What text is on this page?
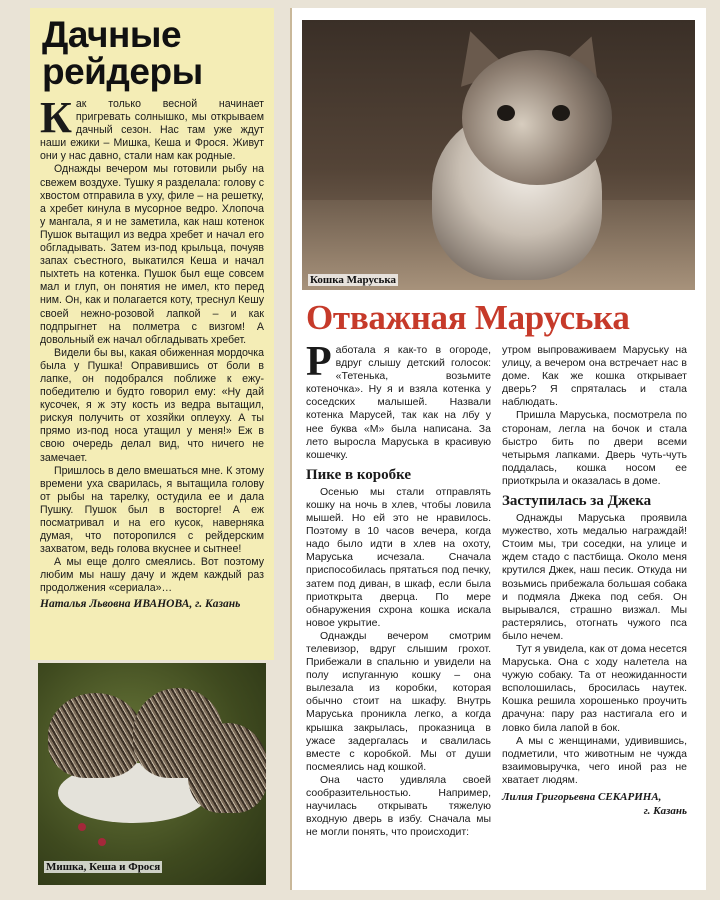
Дачные
рейдеры

Как только весной начинает пригревать солнышко, мы открываем дачный сезон. Нас там уже ждут наши ежики – Мишка, Кеша и Фрося. Живут они у нас давно, стали нам как родные.

Однажды вечером мы готовили рыбу на свежем воздухе. Тушку я разделала: голову с хвостом отправила в уху, филе – на решетку, а хребет кинула в мусорное ведро. Хлопоча у мангала, я и не заметила, как наш котенок Пушок вытащил из ведра хребет и начал его обгладывать. Затем из-под крыльца, почуяв запах съестного, выкатился Кеша и начал пыхтеть на котенка. Пушок был еще совсем мал и глуп, он понятия не имел, кто перед ним. Он, как и полагается коту, треснул Кешу своей нежно-розовой лапкой – и как подпрыгнет на полметра с визгом! А довольный еж начал обгладывать хребет.

Видели бы вы, какая обиженная мордочка была у Пушка! Оправившись от боли в лапке, он подобрался поближе к ежу-победителю и будто говорил ему: «Ну дай кусочек, я ж эту кость из ведра вытащил, рискуя получить от хозяйки оплеуху. А ты прямо из-под носа утащил у меня!» Еж в свою очередь делал вид, что ничего не замечает.

Пришлось в дело вмешаться мне. К этому времени уха сварилась, я вытащила голову от рыбы на тарелку, остудила ее и дала Пушку. Пушок был в восторге! А еж посматривал и на его кусок, наверняка думая, что поторопился с рейдерским захватом, ведь голова вкуснее и сытнее!

А мы еще долго смеялись. Вот поэтому любим мы нашу дачу и ждем каждый раз продолжения «сериала»…

Наталья Львовна ИВАНОВА, г. Казань
Мишка, Кеша и Фрося
Кошка Маруська
Отважная Маруська

Работала я как-то в огороде, вдруг слышу детский голосок: «Тетенька, возьмите котеночка». Ну я и взяла котенка у соседских малышей. Назвали котенка Марусей, так как на лбу у нее буква «М» была написана. За лето выросла Маруська в красивую кошечку.

Пике в коробке

Осенью мы стали отправлять кошку на ночь в хлев, чтобы ловила мышей. Но ей это не нравилось. Поэтому в 10 часов вечера, когда надо было идти в хлев на охоту, Маруська исчезала. Сначала приспособилась прятаться под печку, затем под диван, в шкаф, если была приоткрыта дверца. По мере обнаружения схрона кошка искала новое укрытие.

Однажды вечером смотрим телевизор, вдруг слышим грохот. Прибежали в спальню и увидели на полу испуганную кошку – она вылезала из коробки, которая обычно стоит на шкафу. Внутрь Маруська проникла легко, а когда крышка закрылась, проказница в ужасе задергалась и свалилась вместе с коробкой. Мы от души посмеялись над кошкой.

Она часто удивляла своей сообразительностью. Например, научилась открывать тяжелую входную дверь в избу. Сначала мы не могли понять, что происходит:

утром выпроваживаем Маруську на улицу, а вечером она встречает нас в доме. Как же кошка открывает дверь? Я спряталась и стала наблюдать.

Пришла Маруська, посмотрела по сторонам, легла на бочок и стала быстро бить по двери всеми четырьмя лапками. Дверь чуть-чуть поддалась, кошка носом ее приоткрыла и оказалась в доме.

Заступилась за Джека

Однажды Маруська проявила мужество, хоть медалью награждай! Стоим мы, три соседки, на улице и ждем стадо с пастбища. Около меня крутился Джек, наш песик. Откуда ни возьмись прибежала большая собака и подмяла Джека под себя. Он вырывался, страшно визжал. Мы растерялись, отогнать чужого пса было нечем.

Тут я увидела, как от дома несется Маруська. Она с ходу налетела на чужую собаку. Та от неожиданности всполошилась, бросилась наутек. Кошка решила хорошенько проучить драчуна: пару раз настигала его и ловко била лапой в бок.

А мы с женщинами, удивившись, подметили, что животным не чужда взаимовыручка, чего иной раз не хватает людям.

Лилия Григорьевна СЕКАРИНА,
г. Казань
